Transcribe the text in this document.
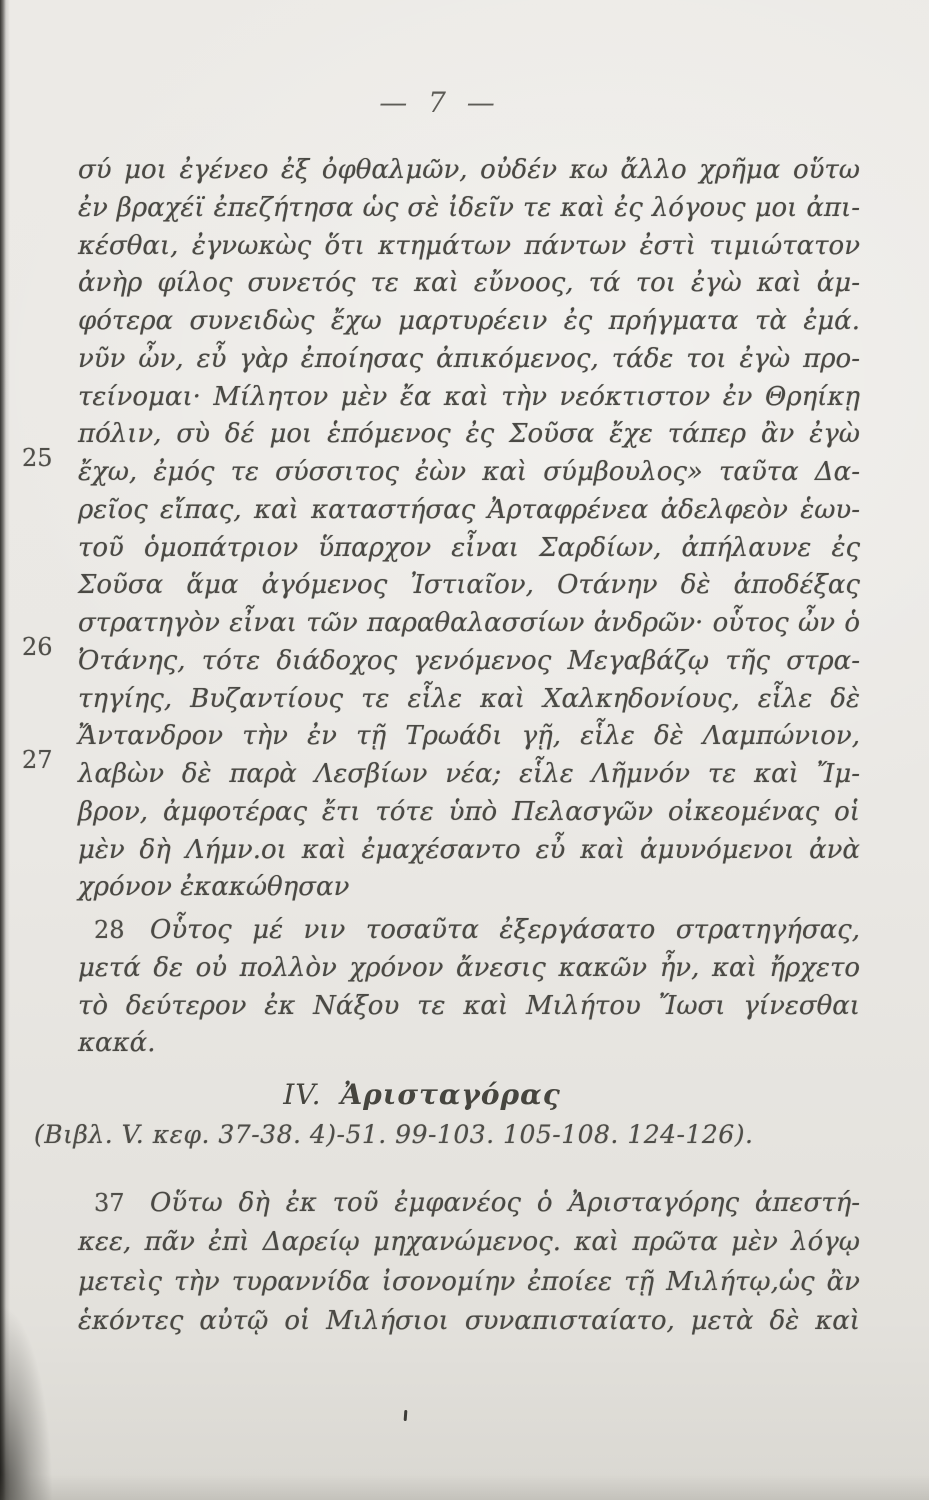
— 7 —
σύ μοι ἐγένεο ἐξ ὀφθαλμῶν, οὐδέν κω ἄλλο χρῆμα οὕτω
ἐν βραχέϊ ἐπεζήτησα ὡς σὲ ἰδεῖν τε καὶ ἐς λόγους μοι ἀπι-
κέσθαι, ἐγνωκὼς ὅτι κτημάτων πάντων ἐστὶ τιμιώτατον
ἀνὴρ φίλος συνετός τε καὶ εὔνοος, τά τοι ἐγὼ καὶ ἀμ-
φότερα συνειδὼς ἔχω μαρτυρέειν ἐς πρήγματα τὰ ἐμά.
νῦν ὦν, εὖ γὰρ ἐποίησας ἀπικόμενος, τάδε τοι ἐγὼ προ-
τείνομαι· Μίλητον μὲν ἔα καὶ τὴν νεόκτιστον ἐν Θρηίκῃ
πόλιν, σὺ δέ μοι ἑπόμενος ἐς Σοῦσα ἔχε τάπερ ἂν ἐγὼ
ἔχω, ἐμός τε σύσσιτος ἐὼν καὶ σύμβουλος» ταῦτα Δα-
25
ρεῖος εἴπας, καὶ καταστήσας Ἀρταφρένεα ἀδελφεὸν ἑωυ-
τοῦ ὁμοπάτριον ὕπαρχον εἶναι Σαρδίων, ἀπήλαυνε ἐς
Σοῦσα ἅμα ἀγόμενος Ἰστιαῖον, Οτάνην δὲ ἀποδέξας
στρατηγὸν εἶναι τῶν παραθαλασσίων ἀνδρῶν· οὗτος ὦν ὁ
Ὀτάνης, τότε διάδοχος γενόμενος Μεγαβάζῳ τῆς στρα-
26
τηγίης, Βυζαντίους τε εἷλε καὶ Χαλκηδονίους, εἷλε δὲ
Ἄντανδρον τὴν ἐν τῇ Τρωάδι γῇ, εἷλε δὲ Λαμπώνιον,
λαβὼν δὲ παρὰ Λεσβίων νέα; εἷλε Λῆμνόν τε καὶ Ἴμ-
27
βρον, ἀμφοτέρας ἔτι τότε ὑπὸ Πελασγῶν οἰκεομένας οἱ
μὲν δὴ Λήμν.οι καὶ ἐμαχέσαντο εὖ καὶ ἀμυνόμενοι ἀνὰ
χρόνον ἐκακώθησαν
Οὗτος μέ νιν τοσαῦτα ἐξεργάσατο στρατηγήσας,
28
μετά δε οὐ πολλὸν χρόνον ἄνεσις κακῶν ἦν, καὶ ἤρχετο
τὸ δεύτερον ἐκ Νάξου τε καὶ Μιλήτου Ἴωσι γίνεσθαι
κακά.
Οὕτω δὴ ἐκ τοῦ ἐμφανέος ὁ Ἀρισταγόρης ἀπεστή-
37
κεε, πᾶν ἐπὶ Δαρείῳ μηχανώμενος. καὶ πρῶτα μὲν λόγῳ
μετεὶς τὴν τυραννίδα ἰσονομίην ἐποίεε τῇ Μιλήτῳ,ὡς ἂν
ἑκόντες αὐτῷ οἱ Μιλήσιοι συναπισταίατο, μετὰ δὲ καὶ
IV. Ἀρισταγόρας
(Βιβλ. V. κεφ. 37-38. 4)-51. 99-103. 105-108. 124-126).
